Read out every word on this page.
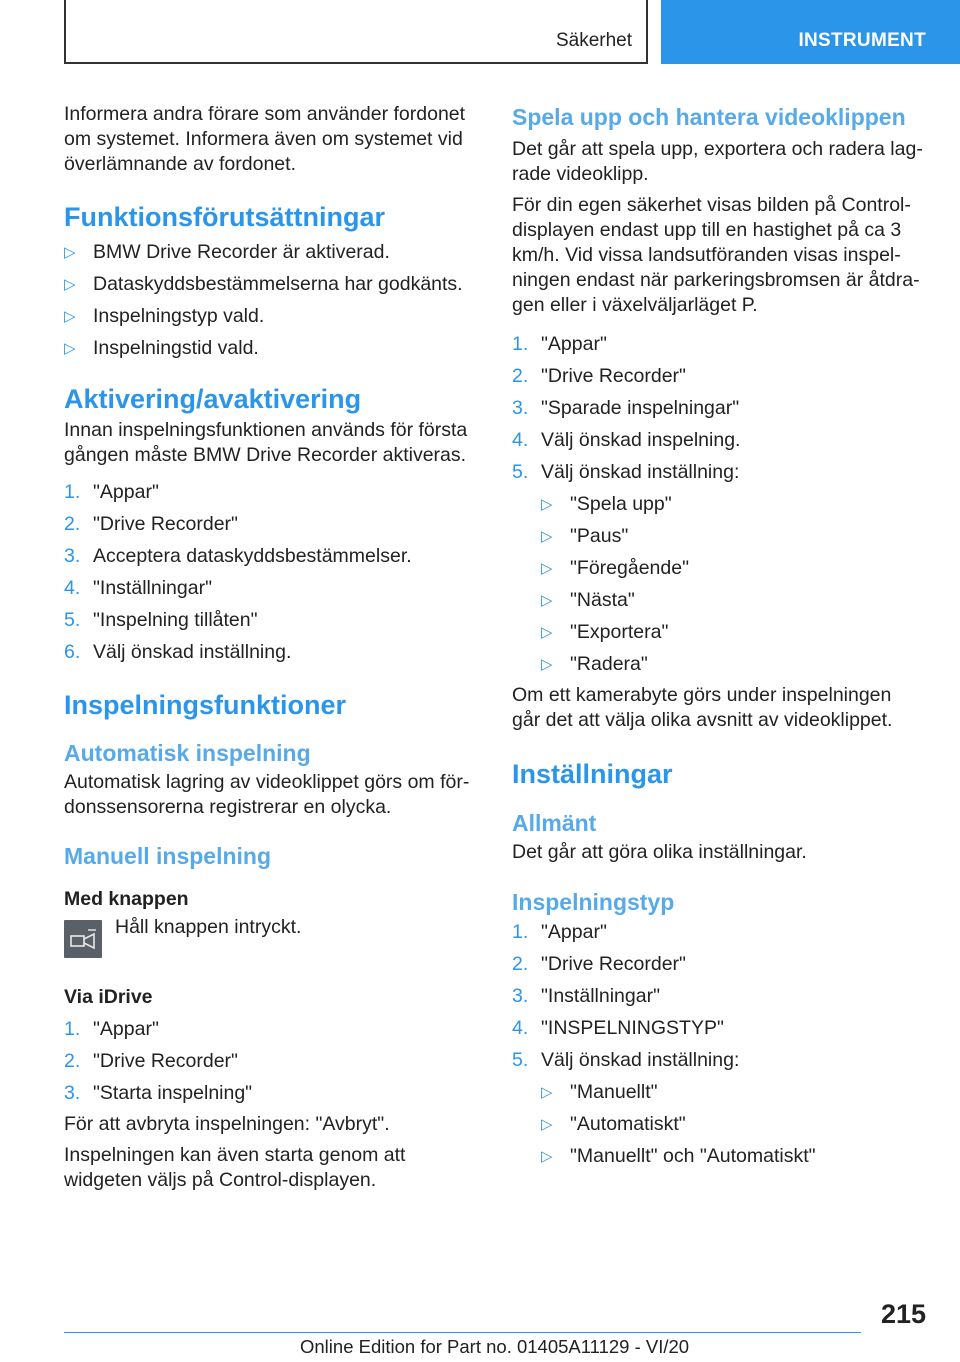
Säkerhet	INSTRUMENT

Informera andra förare som använder fordonet om systemet. Informera även om systemet vid överlämnande av fordonet.

Funktionsförutsättningar
▷ BMW Drive Recorder är aktiverad.
▷ Dataskyddsbestämmelserna har godkänts.
▷ Inspelningstyp vald.
▷ Inspelningstid vald.
Aktivering/avaktivering

Innan inspelningsfunktionen används för första gången måste BMW Drive Recorder aktiveras.

1. "Appar"
2. "Drive Recorder"
3. Acceptera dataskyddsbestämmelser.
4. "Inställningar"
5. "Inspelning tillåten"
6. Välj önskad inställning.
Inspelningsfunktioner
Automatisk inspelning

Automatisk lagring av videoklippet görs om fördonssensorerna registrerar en olycka.

Manuell inspelning
Med knappen

Håll knappen intryckt.

Via iDrive
1. "Appar"
2. "Drive Recorder"
3. "Starta inspelning"

För att avbryta inspelningen: "Avbryt".

Inspelningen kan även starta genom att widgeten väljs på Control-displayen.

Spela upp och hantera videoklippen

Det går att spela upp, exportera och radera lagrade videoklipp.

För din egen säkerhet visas bilden på Control-displayen endast upp till en hastighet på ca 3 km/h. Vid vissa landsutföranden visas inspelningen endast när parkeringsbromsen är åtdragen eller i växelväljarläget P.

1. "Appar"
2. "Drive Recorder"
3. "Sparade inspelningar"
4. Välj önskad inspelning.
5. Välj önskad inställning:
▷ "Spela upp"
▷ "Paus"
▷ "Föregående"
▷ "Nästa"
▷ "Exportera"
▷ "Radera"

Om ett kamerabyte görs under inspelningen går det att välja olika avsnitt av videoklippet.

Inställningar
Allmänt

Det går att göra olika inställningar.

Inspelningstyp
1. "Appar"
2. "Drive Recorder"
3. "Inställningar"
4. "INSPELNINGSTYP"
5. Välj önskad inställning:
▷ "Manuellt"
▷ "Automatiskt"
▷ "Manuellt" och "Automatiskt"
215
Online Edition for Part no. 01405A11129 - VI/20
